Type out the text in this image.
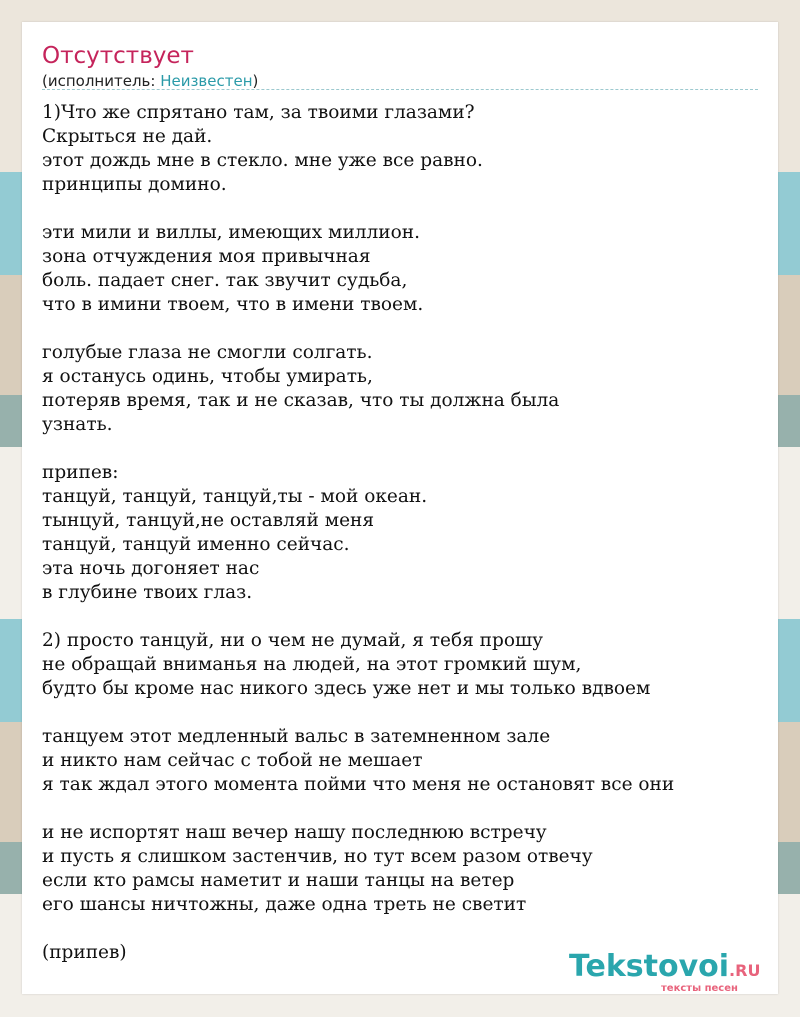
Отсутствует
(исполнитель: Неизвестен)
1)Что же спрятано там, за твоими глазами?
Скрыться не дай.
этот дождь мне в стекло. мне уже все равно.
принципы домино.
эти мили и виллы, имеющих миллион.
зона отчуждения моя привычная
боль. падает снег. так звучит судьба,
что в имини твоем, что в имени твоем.
голубые глаза не смогли солгать.
я останусь одинь, чтобы умирать,
потеряв время, так и не сказав, что ты должна была
узнать.
припев:
танцуй, танцуй, танцуй,ты - мой океан.
тынцуй, танцуй,не оставляй меня
танцуй, танцуй именно сейчас.
эта ночь догоняет нас
в глубине твоих глаз.
2) просто танцуй, ни о чем не думай, я тебя прошу
не обращай вниманья на людей, на этот громкий шум,
будто бы кроме нас никого здесь уже нет и мы только вдвоем
танцуем этот медленный вальс в затемненном зале
и никто нам сейчас с тобой не мешает
я так ждал этого момента пойми что меня не остановят все они
и не испортят наш вечер нашу последнюю встречу
и пусть я слишком застенчив, но тут всем разом отвечу
если кто рамсы наметит и наши танцы на ветер
его шансы ничтожны, даже одна треть не светит
(припев)	Tekstovoi.RU
тексты песен
